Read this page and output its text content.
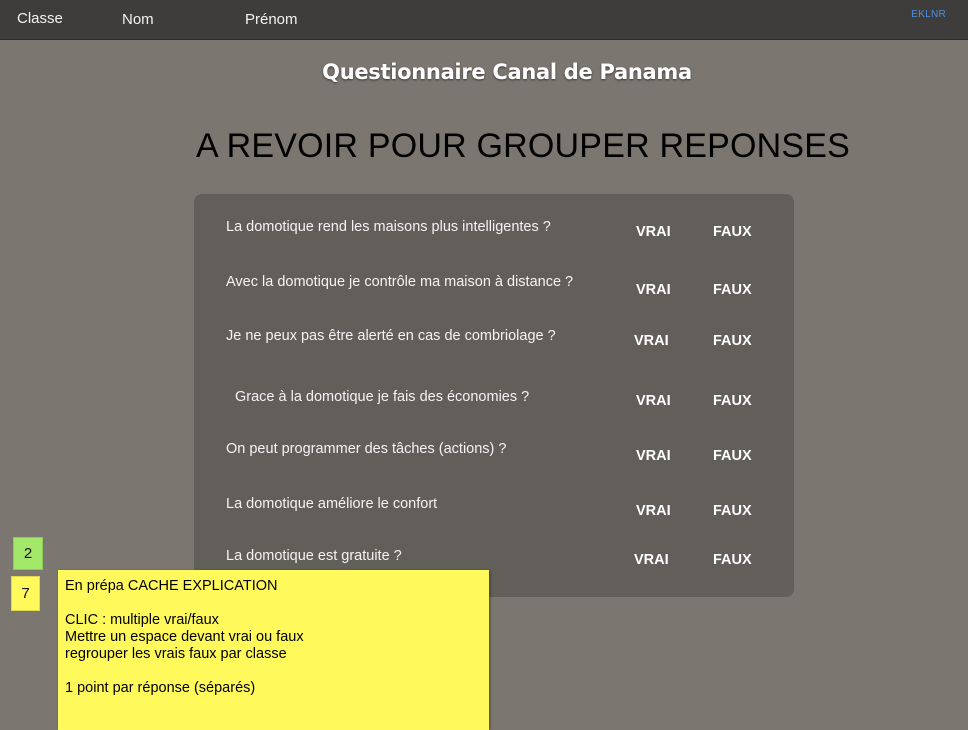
Classe	Nom	Prénom	EKLNR
Questionnaire Canal de Panama
A REVOIR POUR GROUPER REPONSES
La domotique rend les maisons plus intelligentes ?	VRAI	FAUX
Avec la domotique je contrôle ma maison à distance ?	VRAI	FAUX
Je ne peux pas être alerté en cas de combriolage ?	VRAI	FAUX
Grace à la domotique je fais des économies ?	VRAI	FAUX
On peut programmer des tâches (actions) ?	VRAI	FAUX
La domotique améliore le confort	VRAI	FAUX
La domotique est gratuite ?	VRAI	FAUX
2
7	En prépa CACHE EXPLICATION
CLIC : multiple vrai/faux
Mettre un espace devant vrai ou faux
regrouper les vrais faux par classe
1 point par réponse (séparés)
